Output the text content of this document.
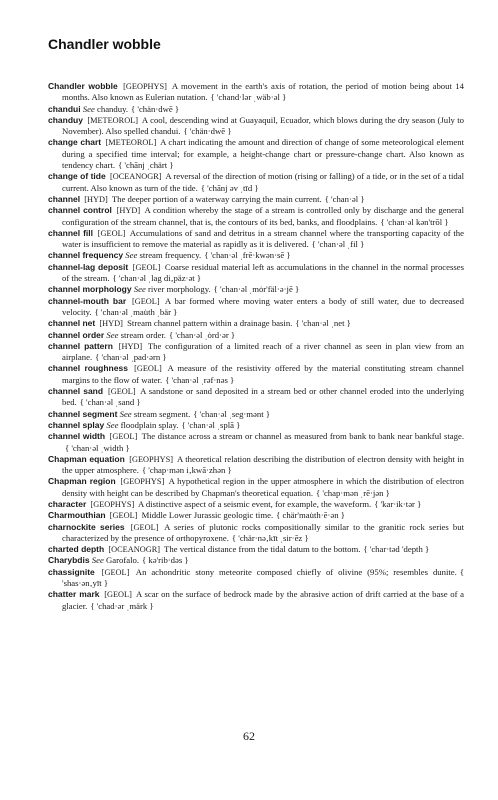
Chandler wobble

Chandler wobble [GEOPHYS] A movement in the earth's axis of rotation, the period of motion being about 14 months. Also known as Eulerian nutation. { 'chand·lər ˌwäb·əl }

chandui See chanduy. { 'chän·dwē }

chanduy [METEOROL] A cool, descending wind at Guayaquil, Ecuador, which blows during the dry season (July to November). Also spelled chandui. { 'chän·dwē }

change chart [METEOROL] A chart indicating the amount and direction of change of some meteorological element during a specified time interval; for example, a height-change chart or pressure-change chart. Also known as tendency chart. { 'chānj ˌchärt }

change of tide [OCEANOGR] A reversal of the direction of motion (rising or falling) of a tide, or in the set of a tidal current. Also known as turn of the tide. { 'chānj əv ˌtīd }

channel [HYD] The deeper portion of a waterway carrying the main current. { 'chan·əl }

channel control [HYD] A condition whereby the stage of a stream is controlled only by discharge and the general configuration of the stream channel, that is, the contours of its bed, banks, and floodplains. { 'chan·əl kən'trōl }

channel fill [GEOL] Accumulations of sand and detritus in a stream channel where the transporting capacity of the water is insufficient to remove the material as rapidly as it is delivered. { 'chan·əl ˌfil }

channel frequency See stream frequency. { 'chan·əl ˌfrē·kwən·sē }

channel-lag deposit [GEOL] Coarse residual material left as accumulations in the channel in the normal processes of the stream. { 'chan·əl ˌlag di‚päz·ət }

channel morphology See river morphology. { 'chan·əl ˌmȯr'fäl·ə·jē }

channel-mouth bar [GEOL] A bar formed where moving water enters a body of still water, due to decreased velocity. { 'chan·əl ˌmau̇th ˌbär }

channel net [HYD] Stream channel pattern within a drainage basin. { 'chan·əl ˌnet }

channel order See stream order. { 'chan·əl ˌȯrd·ər }

channel pattern [HYD] The configuration of a limited reach of a river channel as seen in plan view from an airplane. { 'chan·əl ˌpad·ərn }

channel roughness [GEOL] A measure of the resistivity offered by the material constituting stream channel margins to the flow of water. { 'chan·əl ˌrəf·nəs }

channel sand [GEOL] A sandstone or sand deposited in a stream bed or other channel eroded into the underlying bed. { 'chan·əl ˌsand }

channel segment See stream segment. { 'chan·əl ˌseg·mənt }

channel splay See floodplain splay. { 'chan·əl ˌsplā }

channel width [GEOL] The distance across a stream or channel as measured from bank to bank near bankful stage.{ 'chan·əl ˌwidth }

Chapman equation [GEOPHYS] A theoretical relation describing the distribution of electron density with height in the upper atmosphere. { 'chap·mən i‚kwā·zhən }

Chapman region [GEOPHYS] A hypothetical region in the upper atmosphere in which the distribution of electron density with height can be described by Chapman's theoretical equation. { 'chap·mən ˌrē·jən }

character [GEOPHYS] A distinctive aspect of a seismic event, for example, the waveform. { 'kar·ik·tər }

Charmouthian [GEOL] Middle Lower Jurassic geologic time. { chär'mau̇th·ē·ən }

charnockite series [GEOL] A series of plutonic rocks compositionally similar to the granitic rock series but characterized by the presence of orthopyroxene. { 'chär·nə‚kīt ˌsir·ēz }

charted depth [OCEANOGR] The vertical distance from the tidal datum to the bottom. { 'char·təd 'depth }

Charybdis See Garofalo. { kə'rib·dəs }

chassignite [GEOL] An achondritic stony meteorite composed chiefly of olivine (95%; resembles dunite. { 'shas·ən‚yīt }

chatter mark [GEOL] A scar on the surface of bedrock made by the abrasive action of drift carried at the base of a glacier. { 'chad·ər ˌmärk }

62
